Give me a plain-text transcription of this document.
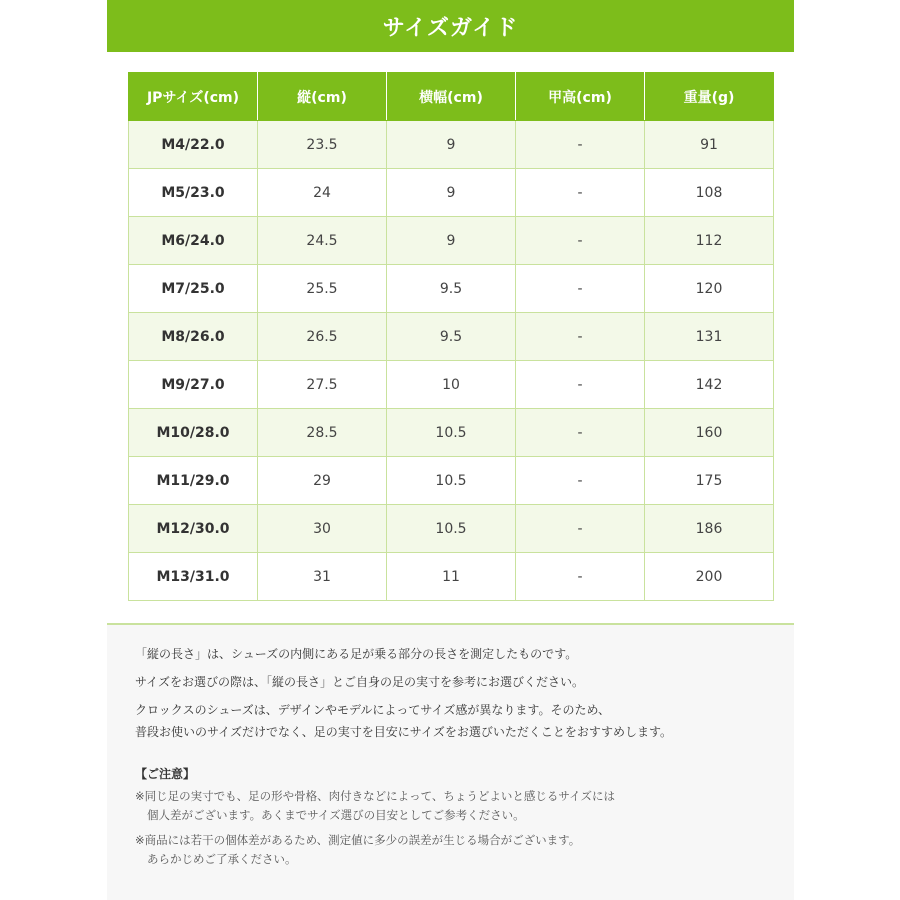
サイズガイド
JPサイズ(cm)	縦(cm)	横幅(cm)	甲高(cm)	重量(g)
M4/22.0	23.5	9	-	91
M5/23.0	24	9	-	108
M6/24.0	24.5	9	-	112
M7/25.0	25.5	9.5	-	120
M8/26.0	26.5	9.5	-	131
M9/27.0	27.5	10	-	142
M10/28.0	28.5	10.5	-	160
M11/29.0	29	10.5	-	175
M12/30.0	30	10.5	-	186
M13/31.0	31	11	-	200

「縦の長さ」は、シューズの内側にある足が乗る部分の長さを測定したものです。

サイズをお選びの際は、「縦の長さ」とご自身の足の実寸を参考にお選びください。

クロックスのシューズは、デザインやモデルによってサイズ感が異なります。そのため、

普段お使いのサイズだけでなく、足の実寸を目安にサイズをお選びいただくことをおすすめします。

【ご注意】

※同じ足の実寸でも、足の形や骨格、肉付きなどによって、ちょうどよいと感じるサイズには
個人差がございます。あくまでサイズ選びの目安としてご参考ください。

※商品には若干の個体差があるため、測定値に多少の誤差が生じる場合がございます。
あらかじめご了承ください。
